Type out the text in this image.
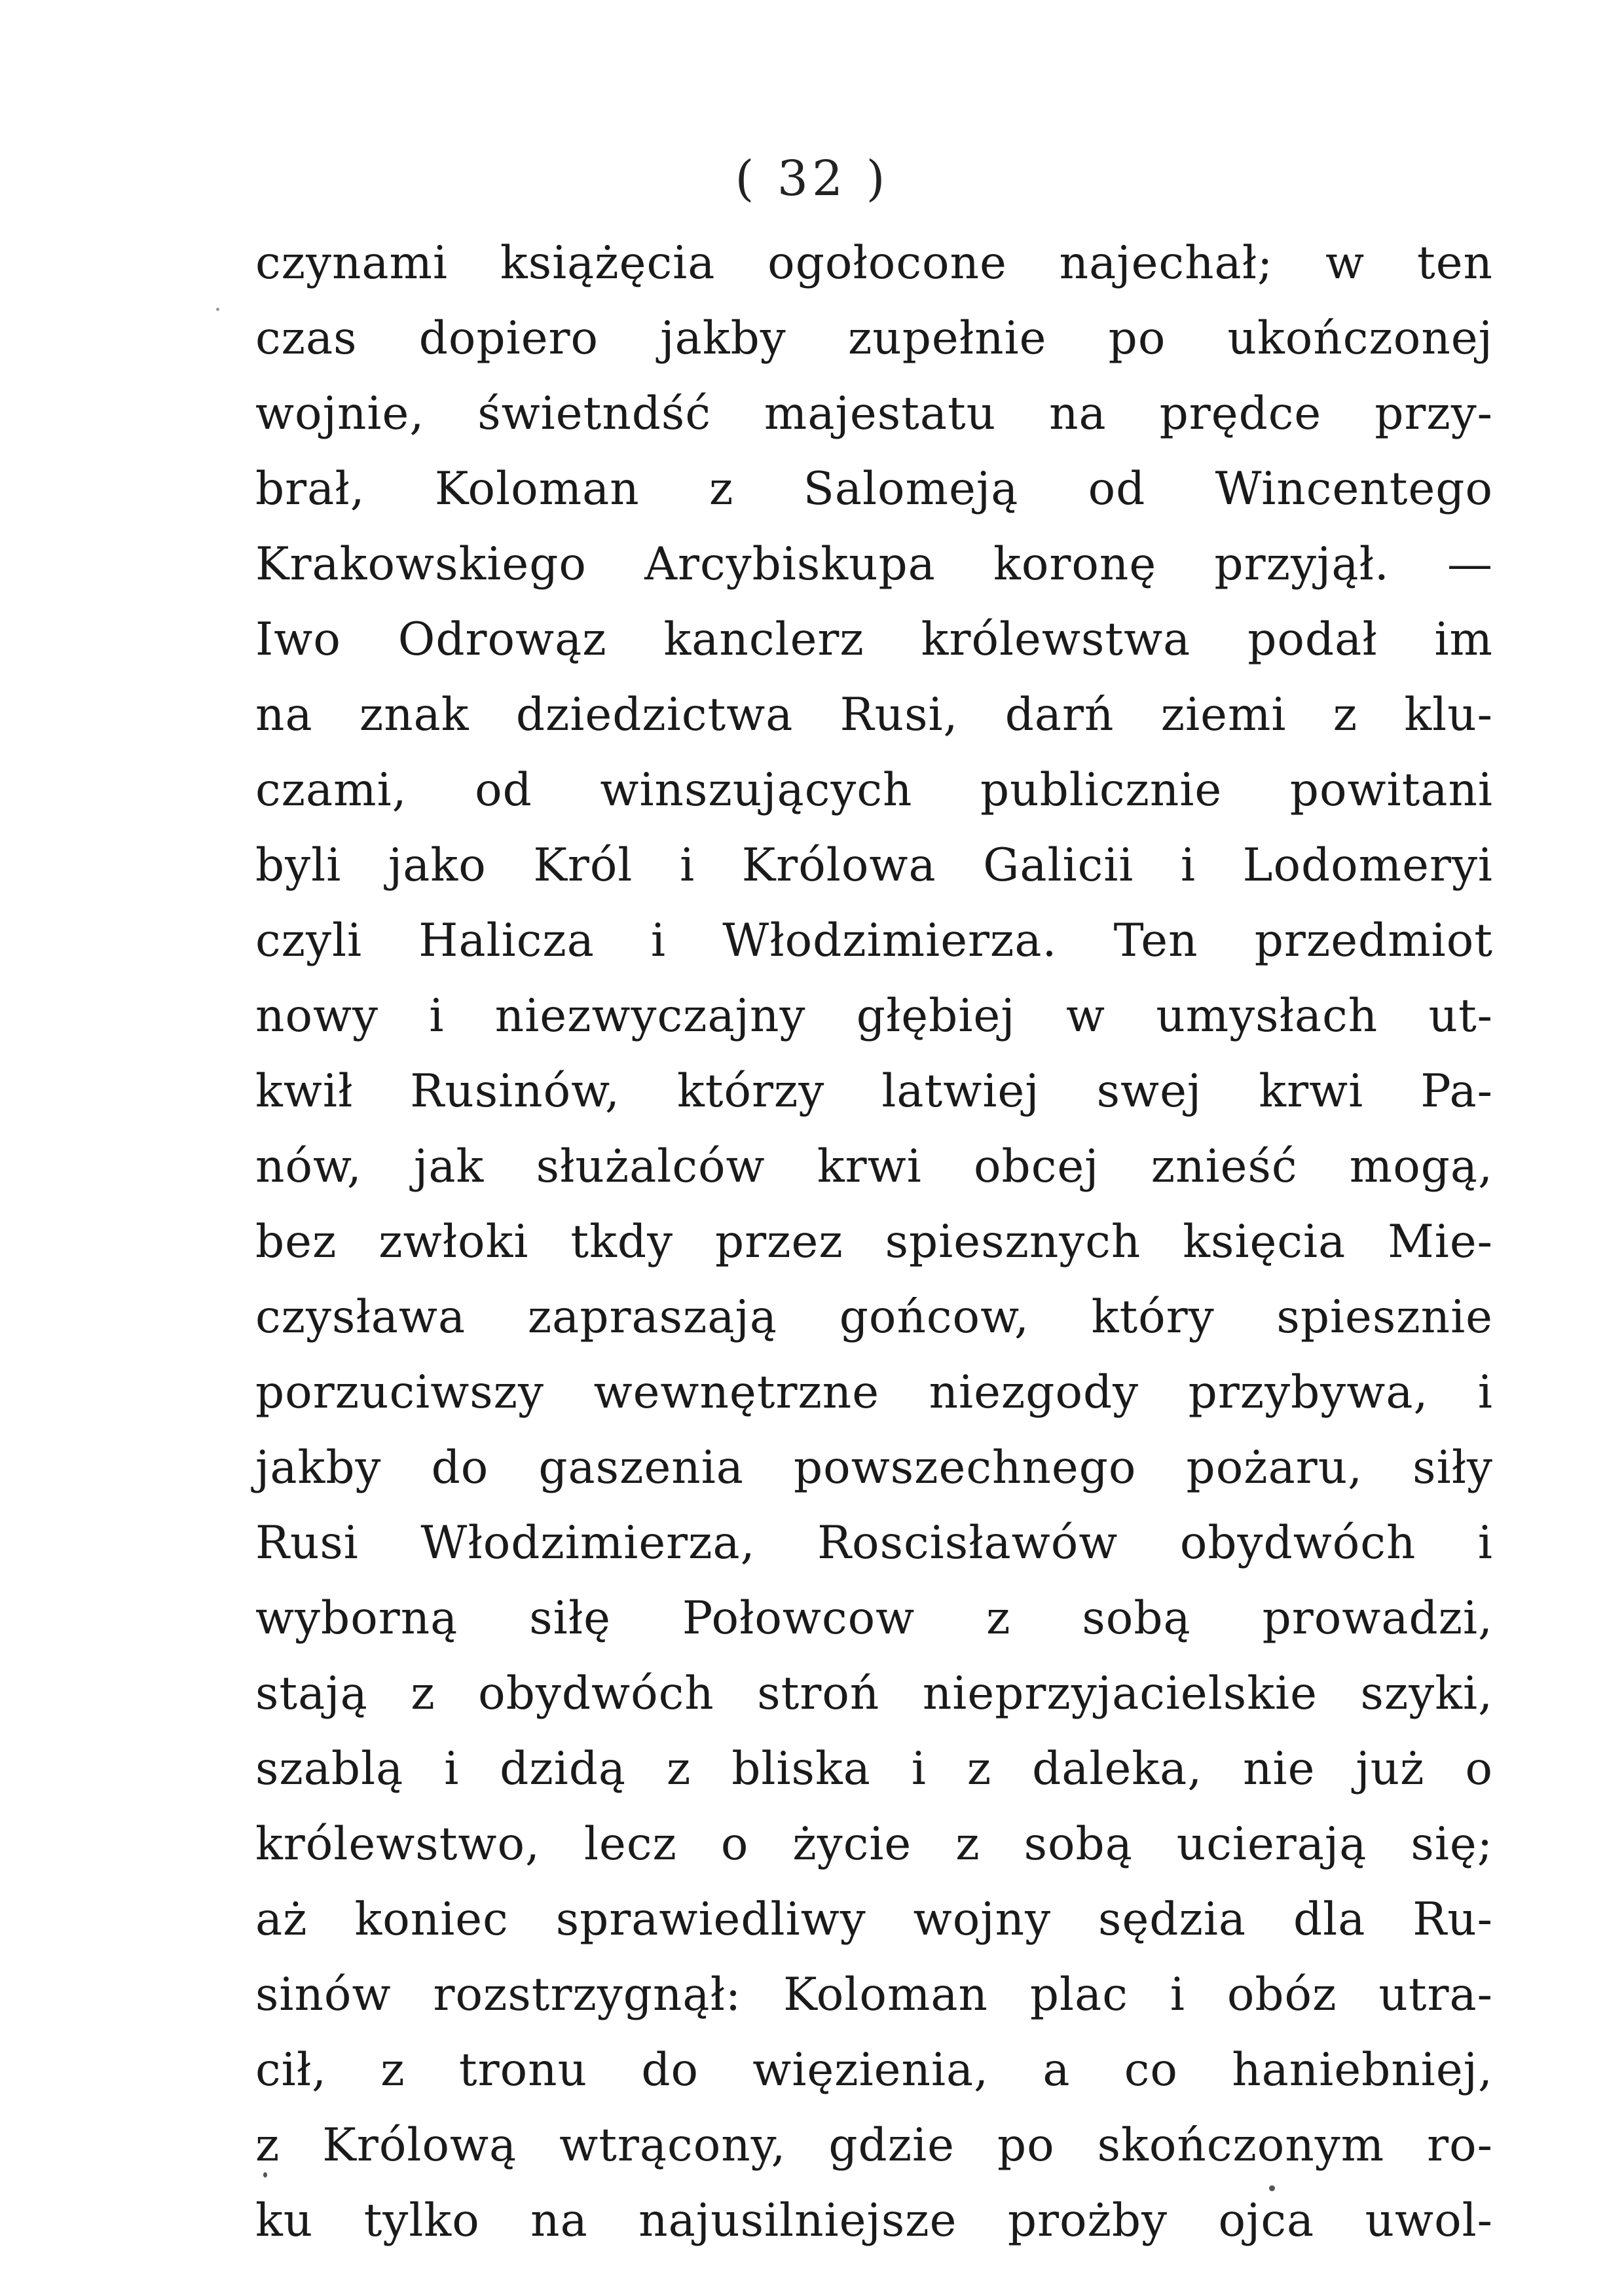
( 32 )
czynami książęcia ogołocone najechał; w ten
czas dopiero jakby zupełnie po ukończonej
wojnie, świetndść majestatu na prędce przy-
brał, Koloman z Salomeją od Wincentego
Krakowskiego Arcybiskupa koronę przyjął. —
Iwo Odrowąz kanclerz królewstwa podał im
na znak dziedzictwa Rusi, darń ziemi z klu-
czami, od winszujących publicznie powitani
byli jako Król i Królowa Galicii i Lodomeryi
czyli Halicza i Włodzimierza. Ten przedmiot
nowy i niezwyczajny głębiej w umysłach ut-
kwił Rusinów, którzy latwiej swej krwi Pa-
nów, jak służalców krwi obcej znieść mogą,
bez zwłoki tkdy przez spiesznych księcia Mie-
czysława zapraszają gońcow, który spiesznie
porzuciwszy wewnętrzne niezgody przybywa, i
jakby do gaszenia powszechnego pożaru, siły
Rusi Włodzimierza, Roscisławów obydwóch i
wyborną siłę Połowcow z sobą prowadzi,
stają z obydwóch stroń nieprzyjacielskie szyki,
szablą i dzidą z bliska i z daleka, nie już o
królewstwo, lecz o życie z sobą ucierają się;
aż koniec sprawiedliwy wojny sędzia dla Ru-
sinów rozstrzygnął: Koloman plac i obóz utra-
cił, z tronu do więzienia, a co haniebniej,
z Królową wtrącony, gdzie po skończonym ro-
ku tylko na najusilniejsze prożby ojca uwol-
